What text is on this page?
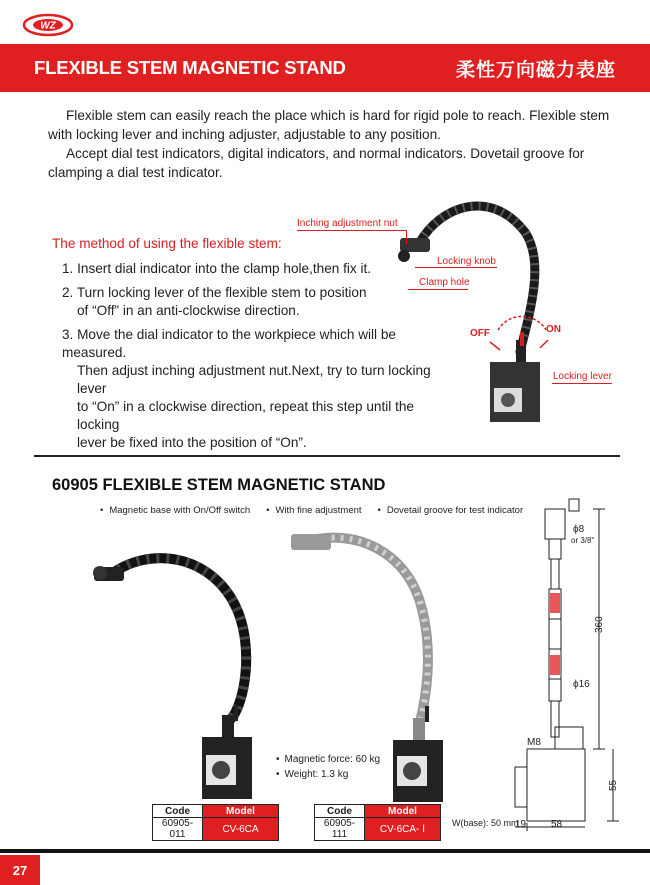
WZ
FLEXIBLE STEM MAGNETIC STAND	柔性万向磁力表座

Flexible stem can easily reach the place which is hard for rigid pole to reach. Flexible stem with locking lever and inching adjuster, adjustable to any position.

Accept dial test indicators, digital indicators, and normal indicators. Dovetail groove for clamping a dial test indicator.

The method of using the flexible stem:
1. Insert dial indicator into the clamp hole,then fix it.
2. Turn locking lever of the flexible stem to position
of “Off” in an anti-clockwise direction.
3. Move the dial indicator to the workpiece which will be measured.
Then adjust inching adjustment nut.Next, try to turn locking lever
to “On” in a clockwise direction, repeat this step until the locking
lever be fixed into the position of “On”.
Inching adjustment nut
Locking knob
Clamp hole
OFF	ON
Locking lever
60905 FLEXIBLE STEM MAGNETIC STAND
• Magnetic base with On/Off switch	• With fine adjustment	• Dovetail groove for test indicator
• Magnetic force: 60 kg
• Weight: 1.3 kg
Code	Model
60905-011	CV-6CA
Code	Model
60905-111	CV-6CA- Ⅰ
W(base): 50 mm
ϕ8
or 3/8"
360
ϕ16
M8
55
19 58
27
